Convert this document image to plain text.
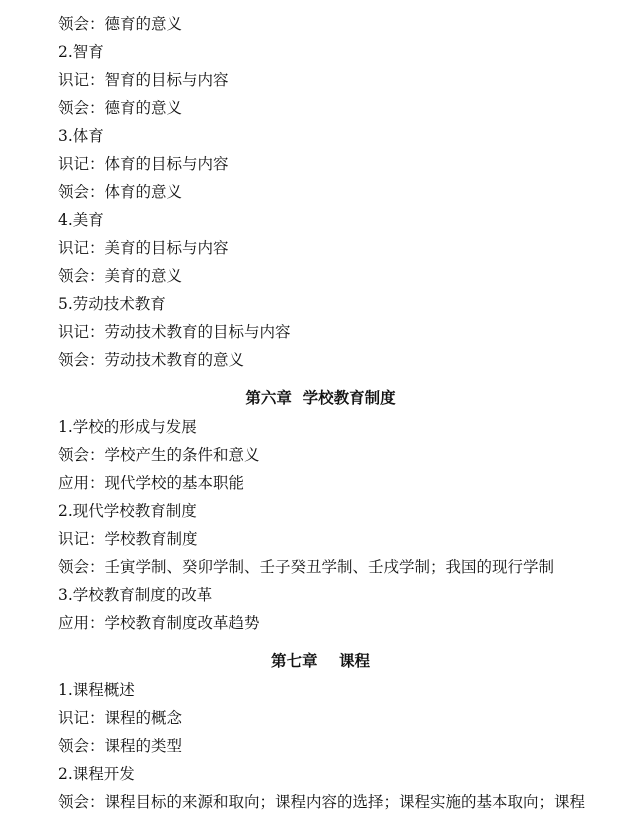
领会：德育的意义
2.智育
识记：智育的目标与内容
领会：德育的意义
3.体育
识记：体育的目标与内容
领会：体育的意义
4.美育
识记：美育的目标与内容
领会：美育的意义
5.劳动技术教育
识记：劳动技术教育的目标与内容
领会：劳动技术教育的意义
第六章  学校教育制度
1.学校的形成与发展
领会：学校产生的条件和意义
应用：现代学校的基本职能
2.现代学校教育制度
识记：学校教育制度
领会：壬寅学制、癸卯学制、壬子癸丑学制、壬戌学制；我国的现行学制
3.学校教育制度的改革
应用：学校教育制度改革趋势
第七章    课程
1.课程概述
识记：课程的概念
领会：课程的类型
2.课程开发
领会：课程目标的来源和取向；课程内容的选择；课程实施的基本取向；课程
